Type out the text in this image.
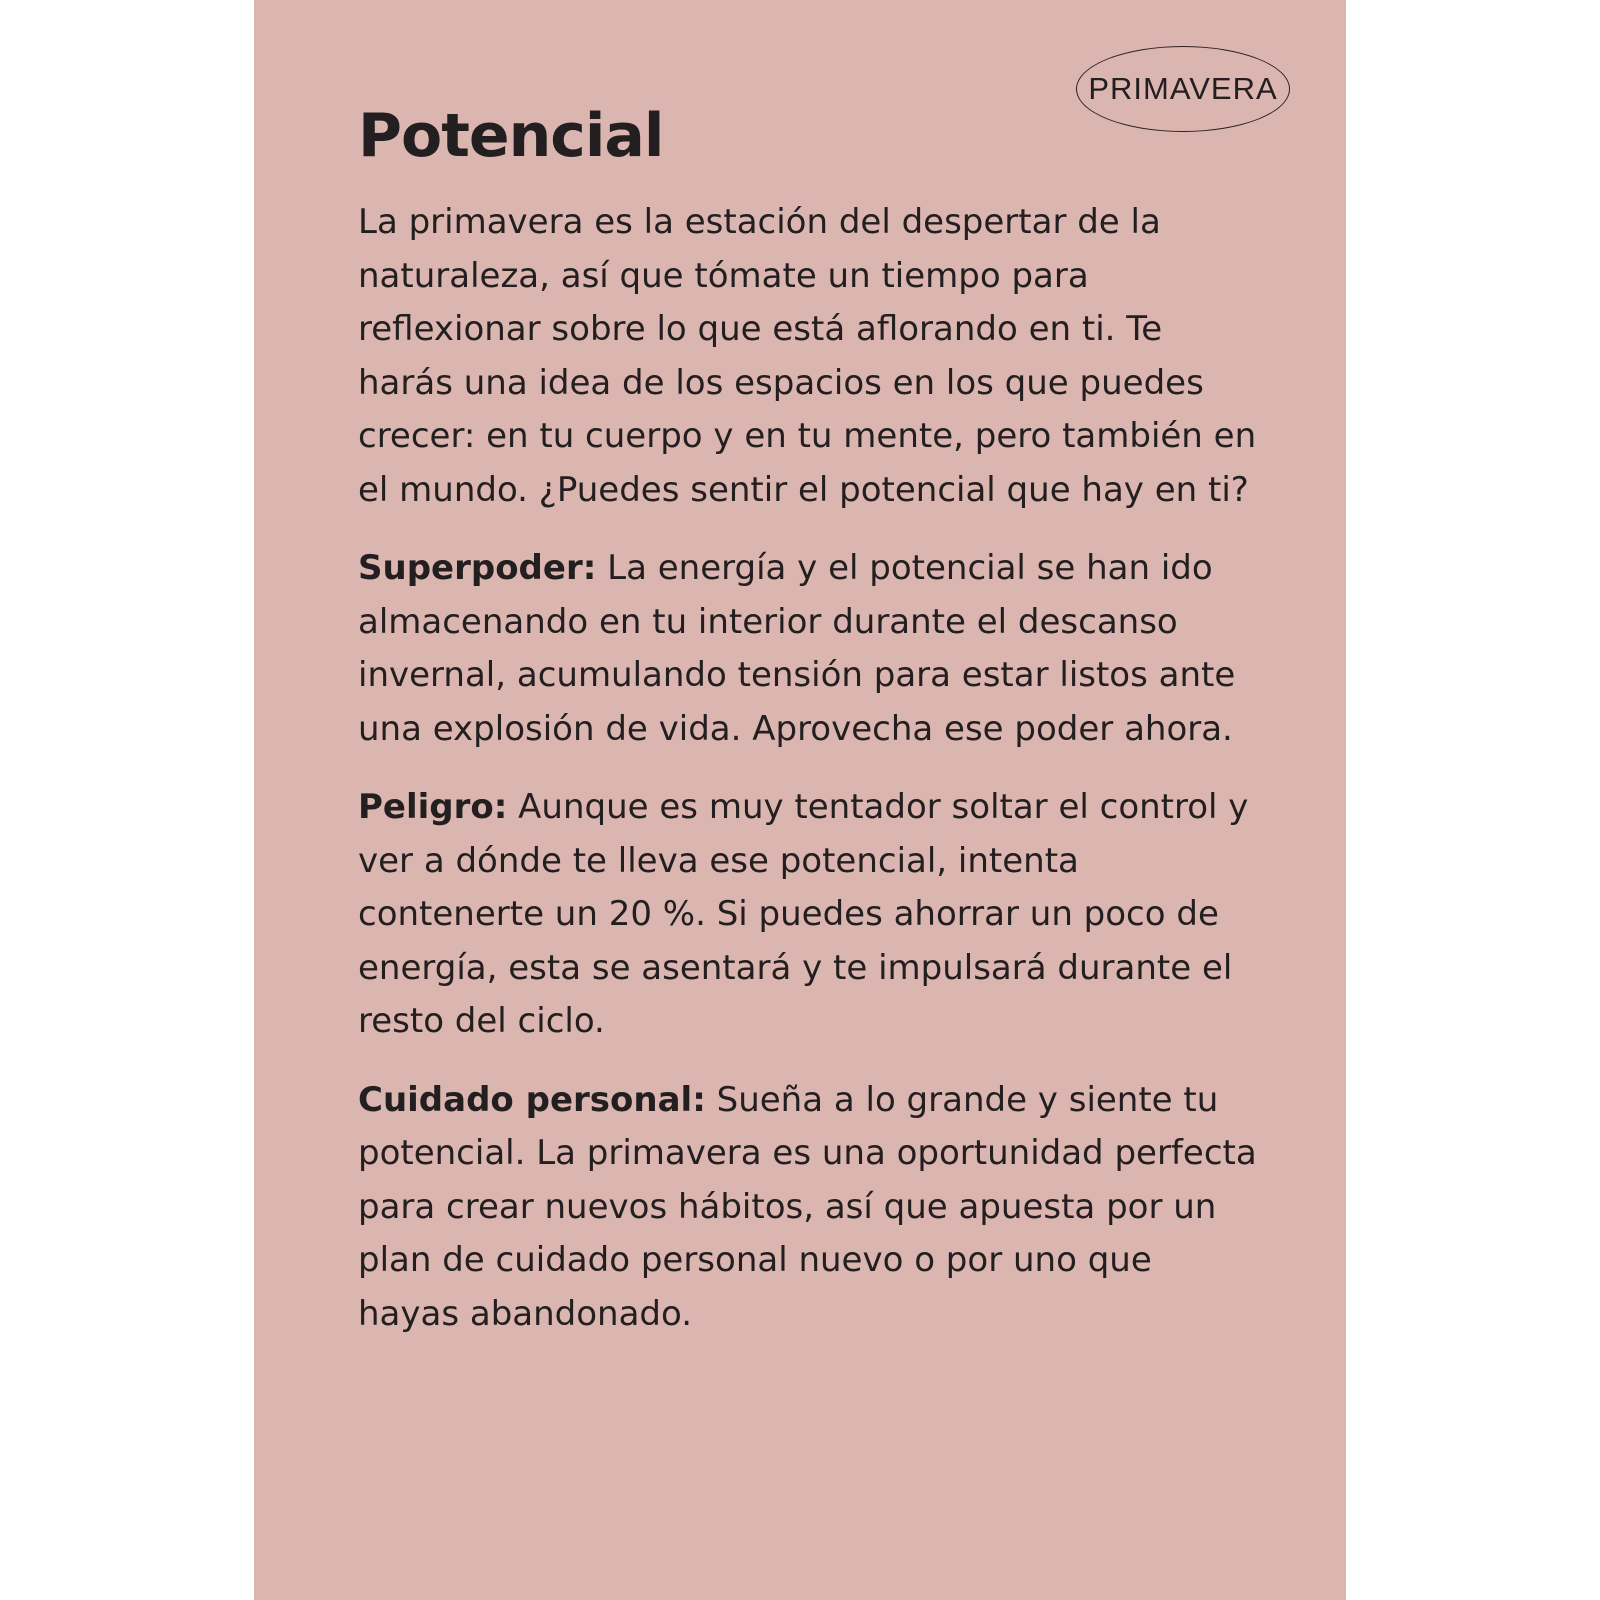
PRIMAVERA
Potencial

La primavera es la estación del despertar de la naturaleza, así que tómate un tiempo para reflexionar sobre lo que está aflorando en ti. Te harás una idea de los espacios en los que puedes crecer: en tu cuerpo y en tu mente, pero también en el mundo. ¿Puedes sentir el potencial que hay en ti?

Superpoder: La energía y el potencial se han ido almacenando en tu interior durante el descanso invernal, acumulando tensión para estar listos ante una explosión de vida. Aprovecha ese poder ahora.

Peligro: Aunque es muy tentador soltar el control y ver a dónde te lleva ese potencial, intenta contenerte un 20 %. Si puedes ahorrar un poco de energía, esta se asentará y te impulsará durante el resto del ciclo.

Cuidado personal: Sueña a lo grande y siente tu potencial. La primavera es una oportunidad perfecta para crear nuevos hábitos, así que apuesta por un plan de cuidado personal nuevo o por uno que hayas abandonado.
